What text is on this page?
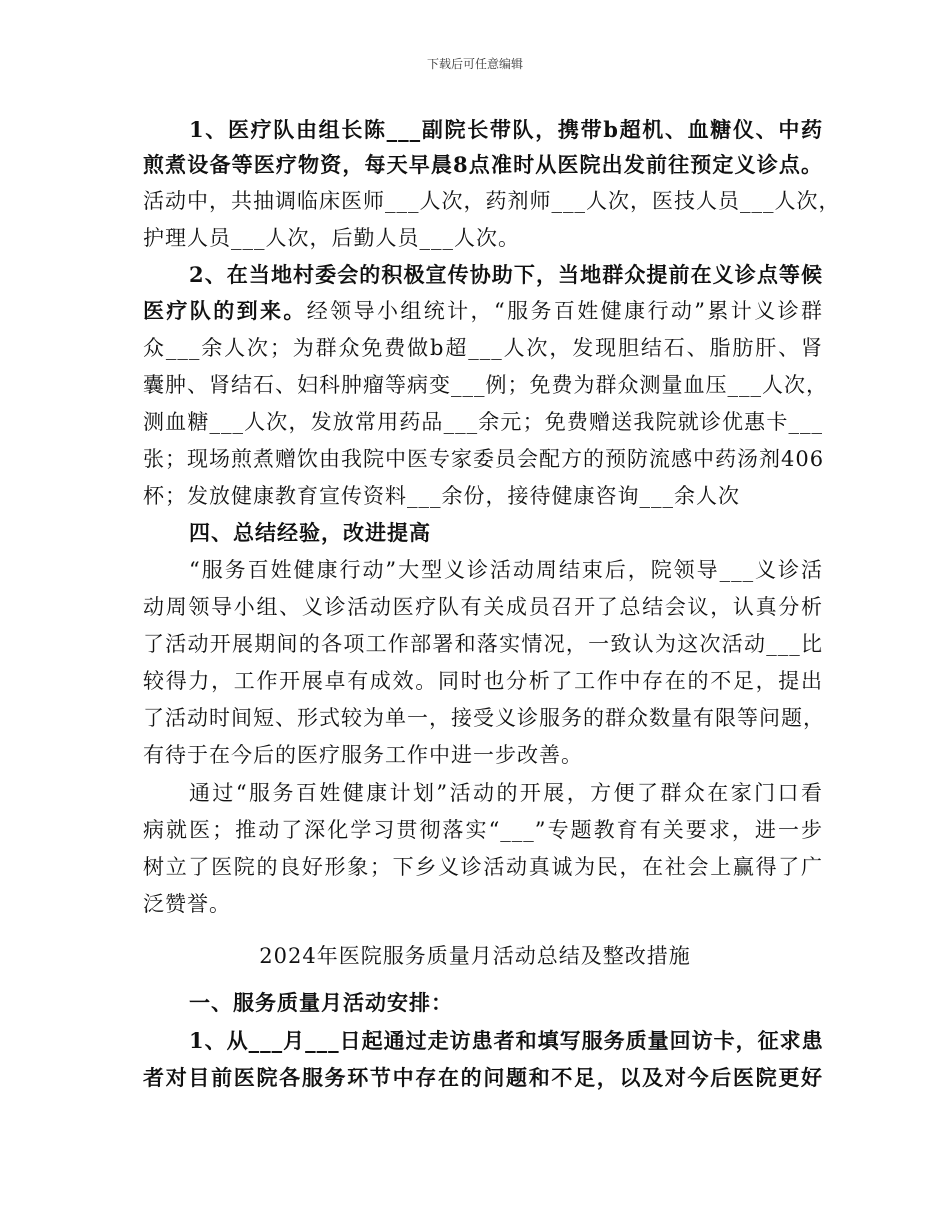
下载后可任意编辑
1、医疗队由组长陈___副院长带队，携带b超机、血糖仪、中药
煎煮设备等医疗物资，每天早晨8点准时从医院出发前往预定义诊点。
活动中，共抽调临床医师___人次，药剂师___人次，医技人员___人次，
护理人员___人次，后勤人员___人次。
2、在当地村委会的积极宣传协助下，当地群众提前在义诊点等候
医疗队的到来。经领导小组统计，“服务百姓健康行动”累计义诊群
众___余人次；为群众免费做b超___人次，发现胆结石、脂肪肝、肾
囊肿、肾结石、妇科肿瘤等病变___例；免费为群众测量血压___人次，
测血糖___人次，发放常用药品___余元；免费赠送我院就诊优惠卡___
张；现场煎煮赠饮由我院中医专家委员会配方的预防流感中药汤剂406
杯；发放健康教育宣传资料___余份，接待健康咨询___余人次
四、总结经验，改进提高
“服务百姓健康行动”大型义诊活动周结束后，院领导___义诊活
动周领导小组、义诊活动医疗队有关成员召开了总结会议，认真分析
了活动开展期间的各项工作部署和落实情况，一致认为这次活动___比
较得力，工作开展卓有成效。同时也分析了工作中存在的不足，提出
了活动时间短、形式较为单一，接受义诊服务的群众数量有限等问题，
有待于在今后的医疗服务工作中进一步改善。
通过“服务百姓健康计划”活动的开展，方便了群众在家门口看
病就医；推动了深化学习贯彻落实“___”专题教育有关要求，进一步
树立了医院的良好形象；下乡义诊活动真诚为民，在社会上赢得了广
泛赞誉。
2024年医院服务质量月活动总结及整改措施
一、服务质量月活动安排：
1、从___月___日起通过走访患者和填写服务质量回访卡，征求患
者对目前医院各服务环节中存在的问题和不足，以及对今后医院更好
